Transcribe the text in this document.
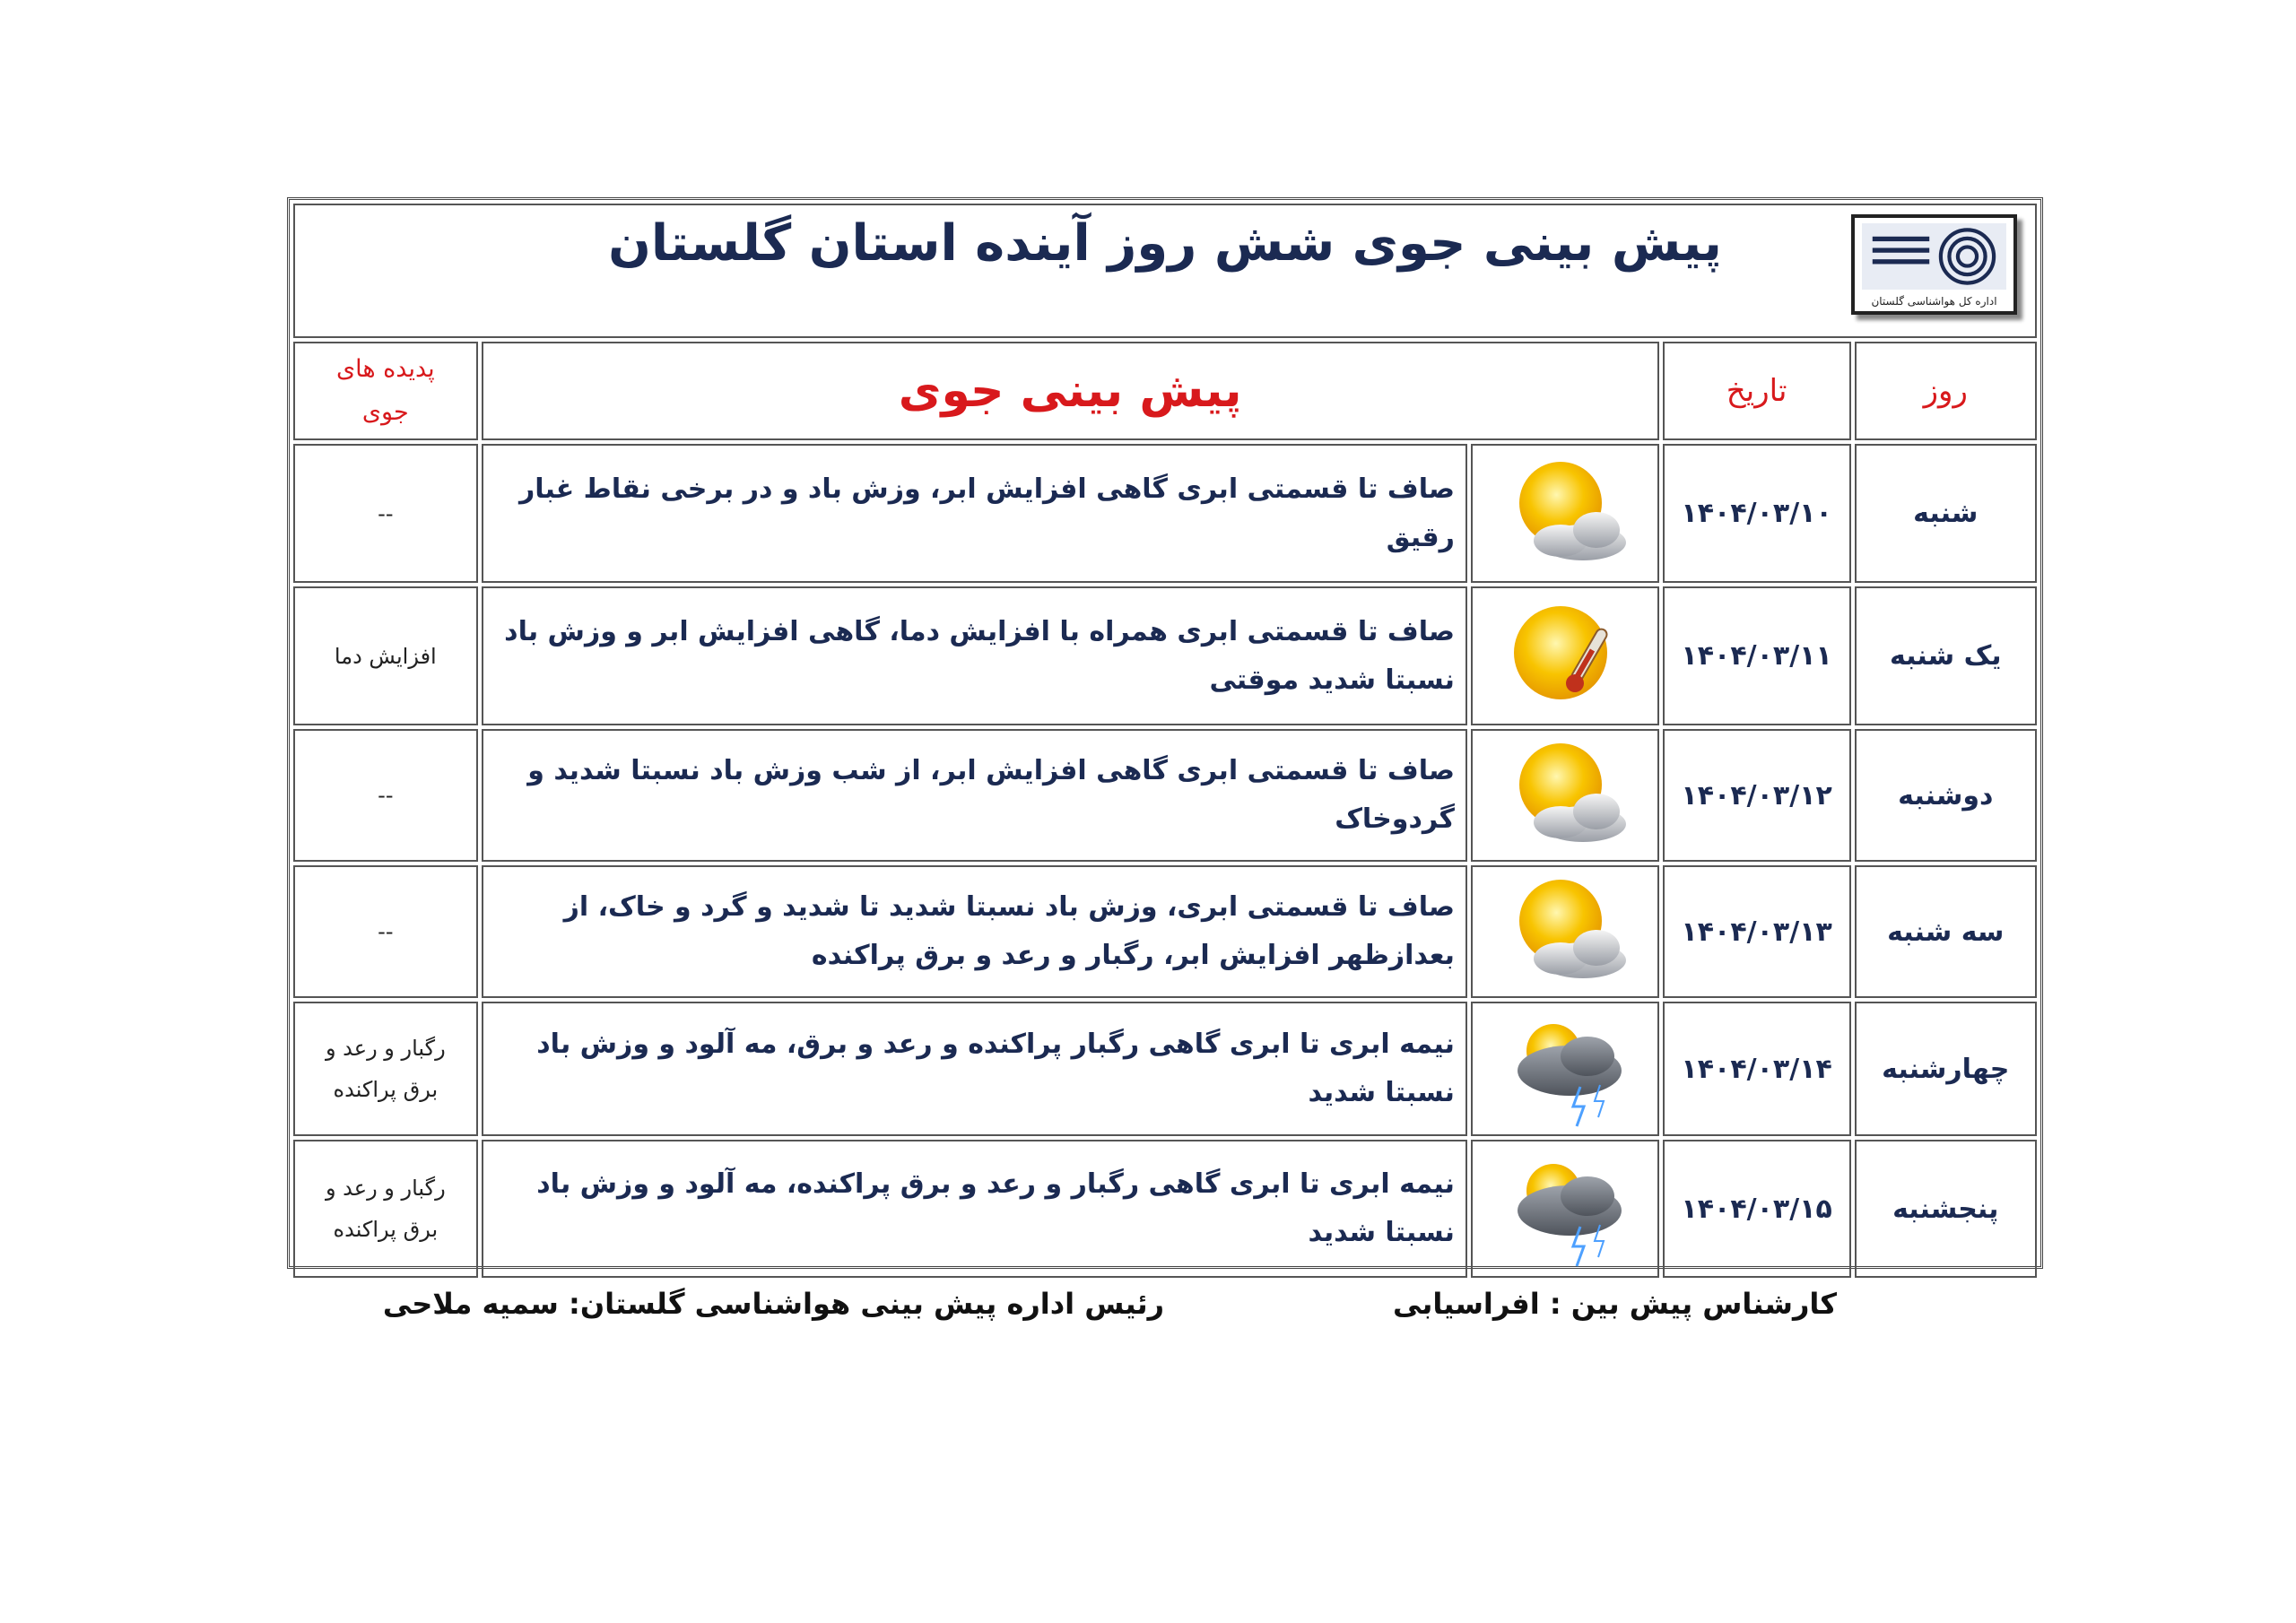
اداره کل هواشناسی گلستان
پیش بینی جوی شش روز آینده استان گلستان				

روز	تاریخ	پیش بینی جوی		پدیده های
جوی

شنبه	۱۴۰۴/۰۳/۱۰		صاف تا قسمتی ابری گاهی افزایش ابر، وزش باد و در برخی نقاط غبار رقیق	--

یک شنبه	۱۴۰۴/۰۳/۱۱		صاف تا قسمتی ابری همراه با افزایش دما، گاهی افزایش ابر و وزش باد نسبتا شدید موقتی	افزایش دما

دوشنبه	۱۴۰۴/۰۳/۱۲		صاف تا قسمتی ابری گاهی افزایش ابر، از شب وزش باد نسبتا شدید و گردوخاک	--

سه شنبه	۱۴۰۴/۰۳/۱۳		صاف تا قسمتی ابری، وزش باد نسبتا شدید تا شدید و گرد و خاک، از بعدازظهر افزایش ابر، رگبار و رعد و برق پراکنده	--

چهارشنبه	۱۴۰۴/۰۳/۱۴		نیمه ابری تا ابری گاهی رگبار پراکنده و رعد و برق، مه آلود و وزش باد نسبتا شدید	رگبار و رعد و
برق پراکنده

پنجشنبه	۱۴۰۴/۰۳/۱۵		نیمه ابری تا ابری گاهی رگبار و رعد و برق پراکنده، مه آلود و وزش باد نسبتا شدید	رگبار و رعد و
برق پراکنده
کارشناس پیش بین : افراسیابی
رئیس اداره پیش بینی هواشناسی گلستان: سمیه ملاحی
